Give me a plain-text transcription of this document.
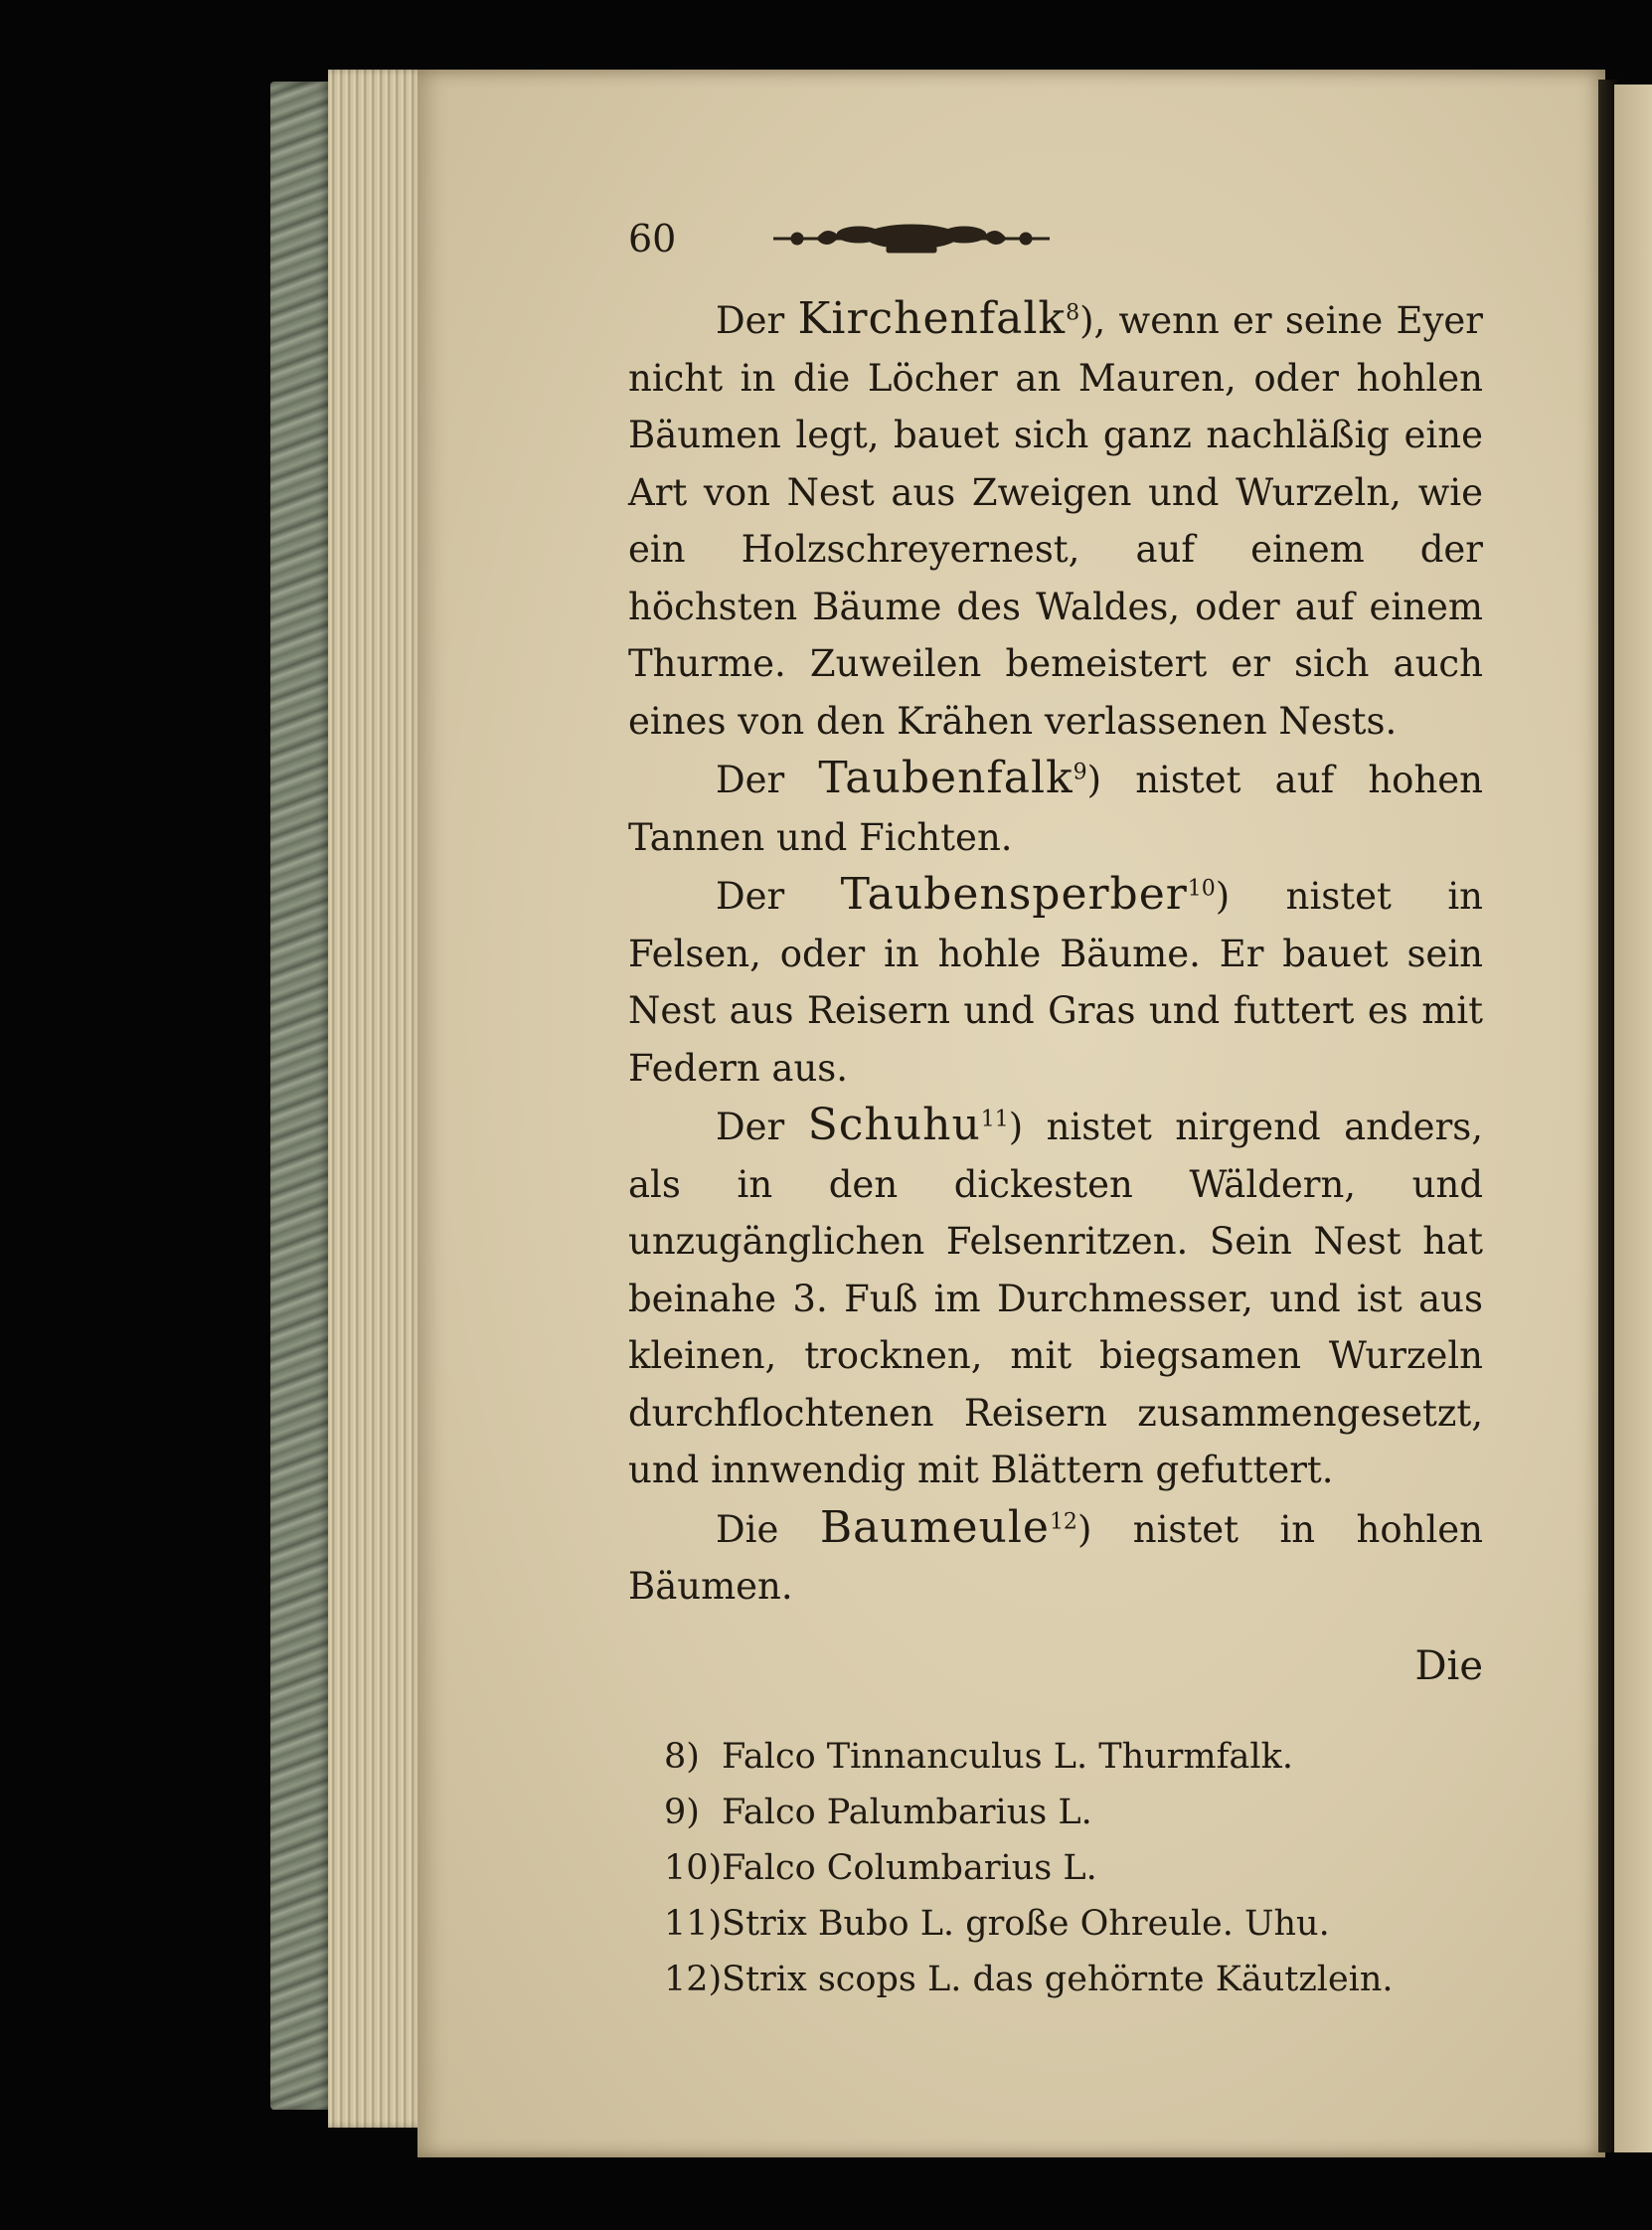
60

Der Kirchenfalk$^8$), wenn er seine Eyer nicht in die Löcher an Mauren, oder hohlen Bäumen legt, bauet sich ganz nachläßig eine Art von Nest aus Zweigen und Wurzeln, wie ein Holzschreyernest, auf einem der höchsten Bäume des Waldes, oder auf einem Thurme. Zuweilen bemeistert er sich auch eines von den Krähen verlassenen Nests.

Der Taubenfalk$^9$) nistet auf hohen Tannen und Fichten.

Der Taubensperber$^{10}$) nistet in Felsen, oder in hohle Bäume. Er bauet sein Nest aus Reisern und Gras und futtert es mit Federn aus.

Der Schuhu$^{11}$) nistet nirgend anders, als in den dickesten Wäldern, und unzugänglichen Felsenritzen. Sein Nest hat beinahe 3. Fuß im Durchmesser, und ist aus kleinen, trocknen, mit biegsamen Wurzeln durchflochtenen Reisern zusammengesetzt, und innwendig mit Blättern gefuttert.

Die Baumeule$^{12}$) nistet in hohlen Bäumen.

Die
8) Falco Tinnanculus L. Thurmfalk.
9) Falco Palumbarius L.
10) Falco Columbarius L.
11) Strix Bubo L. große Ohreule. Uhu.
12) Strix scops L. das gehörnte Käutzlein.
